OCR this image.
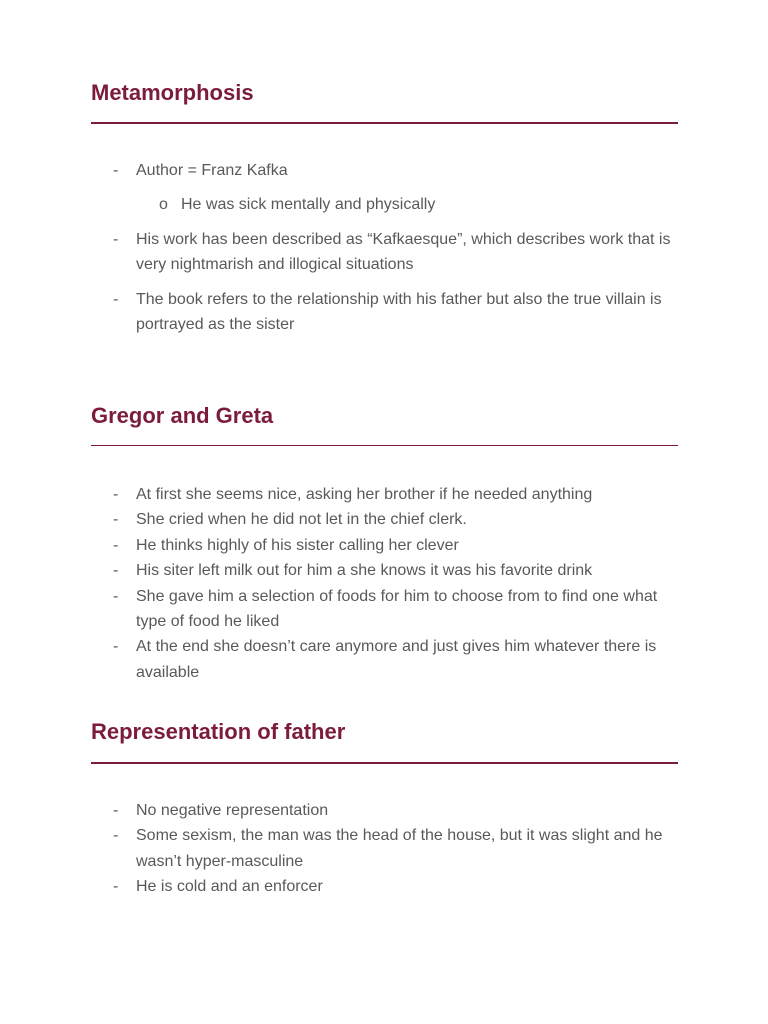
Metamorphosis
- Author = Franz Kafka
o He was sick mentally and physically
- His work has been described as “Kafkaesque”, which describes work that is very nightmarish and illogical situations
- The book refers to the relationship with his father but also the true villain is portrayed as the sister
Gregor and Greta
- At first she seems nice, asking her brother if he needed anything
- She cried when he did not let in the chief clerk.
- He thinks highly of his sister calling her clever
- His siter left milk out for him a she knows it was his favorite drink
- She gave him a selection of foods for him to choose from to find one what type of food he liked
- At the end she doesn’t care anymore and just gives him whatever there is available
Representation of father
- No negative representation
- Some sexism, the man was the head of the house, but it was slight and he wasn’t hyper-masculine
- He is cold and an enforcer
